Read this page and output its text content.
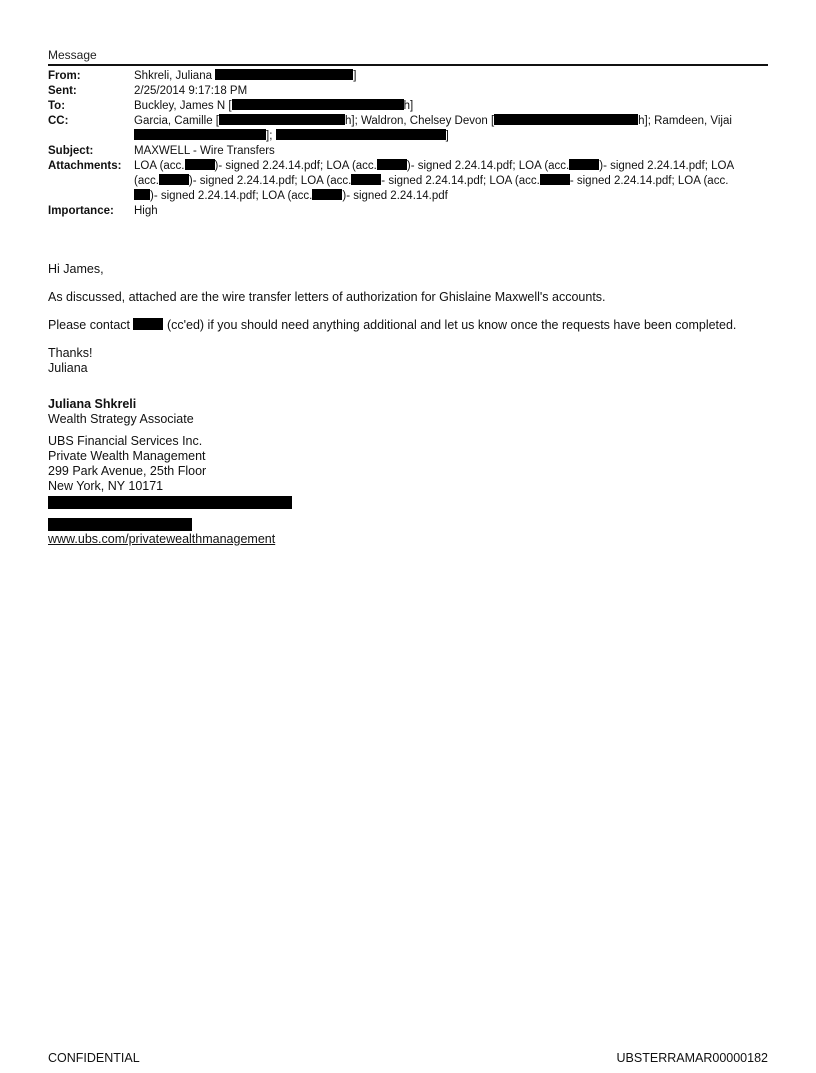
Message
From:	Shkreli, Juliana ]
Sent:	2/25/2014 9:17:18 PM
To:	Buckley, James N [ h]
CC:	Garcia, Camille [ h]; Waldron, Chelsey Devon [ h]; Ramdeen, Vijai
]; ]
Subject:	MAXWELL - Wire Transfers
Attachments:	LOA (acc. )- signed 2.24.14.pdf; LOA (acc. )- signed 2.24.14.pdf; LOA (acc. )- signed 2.24.14.pdf; LOA
(acc. )- signed 2.24.14.pdf; LOA (acc. - signed 2.24.14.pdf; LOA (acc. - signed 2.24.14.pdf; LOA (acc.
)- signed 2.24.14.pdf; LOA (acc. )- signed 2.24.14.pdf
Importance:	High

Hi James,

As discussed, attached are the wire transfer letters of authorization for Ghislaine Maxwell's accounts.

Please contact	(cc'ed) if you should need anything additional and let us know once the requests have been completed.

Thanks!
Juliana

Juliana Shkreli
Wealth Strategy Associate
UBS Financial Services Inc.
Private Wealth Management
299 Park Avenue, 25th Floor
New York, NY 10171
www.ubs.com/privatewealthmanagement
CONFIDENTIAL	UBSTERRAMAR00000182
